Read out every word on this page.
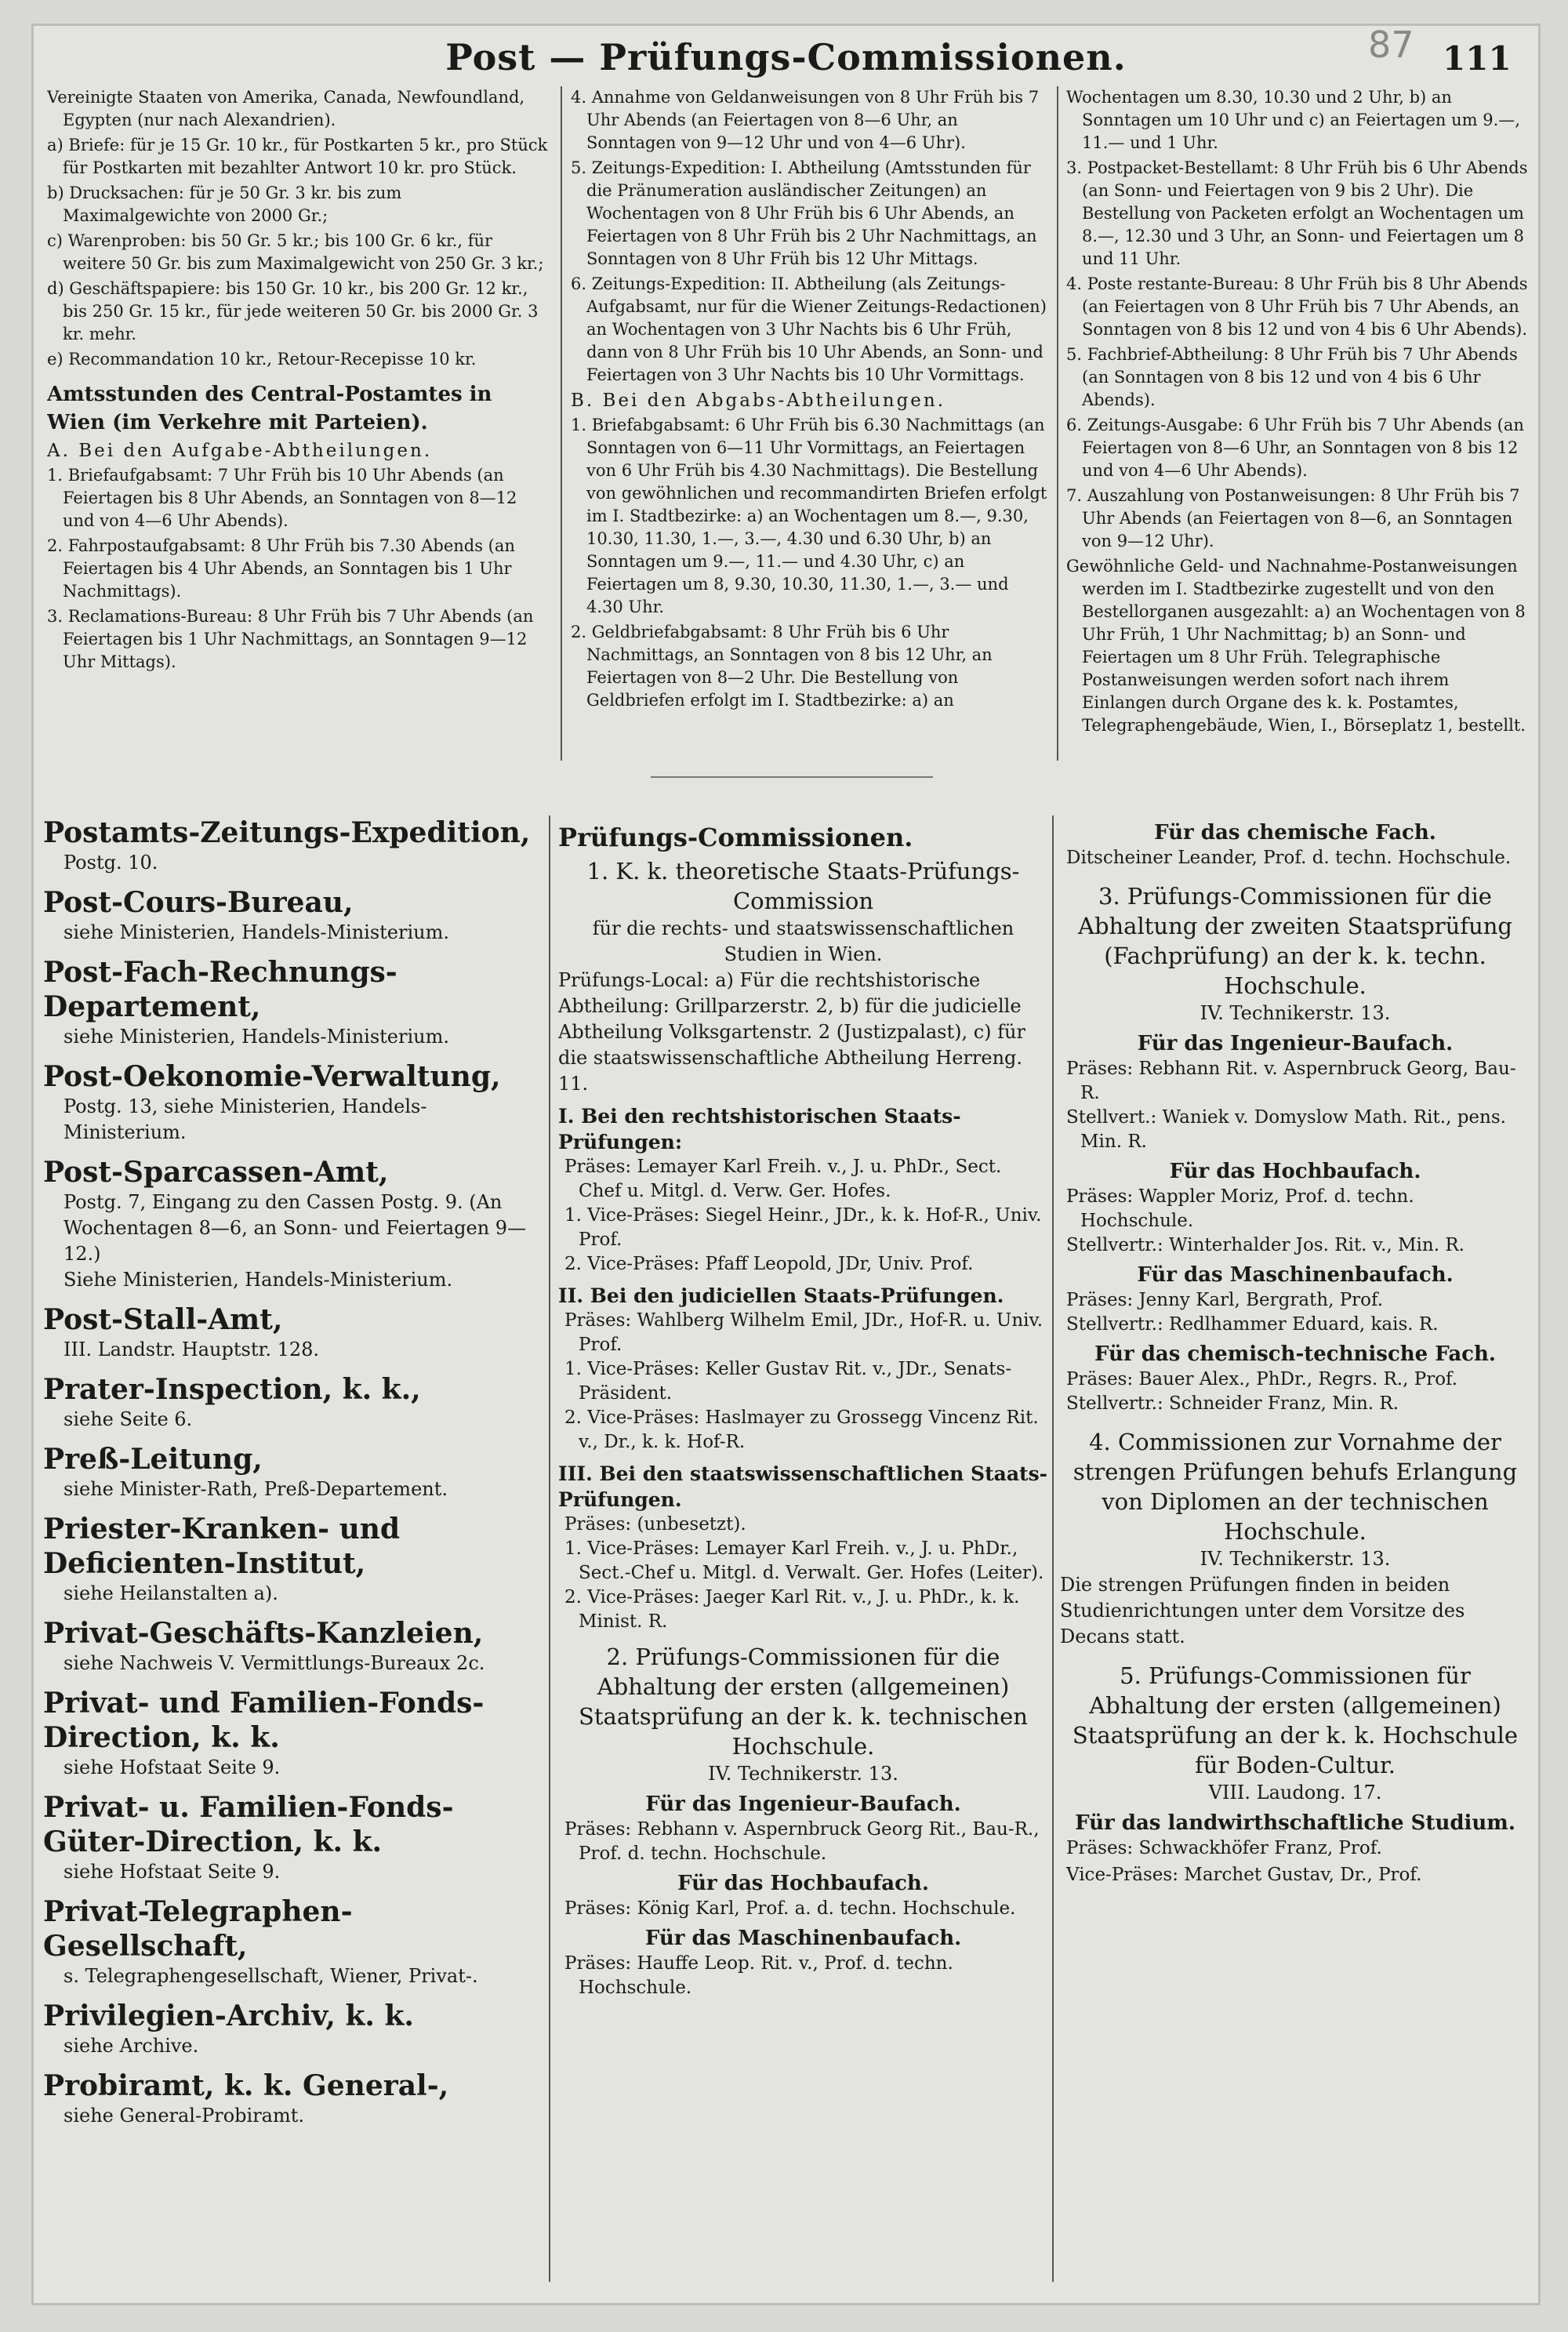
Post — Prüfungs-Commissionen.	87 111

Vereinigte Staaten von Amerika, Canada, Newfoundland, Egypten (nur nach Alexandrien).

a) Briefe: für je 15 Gr. 10 kr., für Postkarten 5 kr., pro Stück für Postkarten mit bezahlter Antwort 10 kr. pro Stück.

b) Drucksachen: für je 50 Gr. 3 kr. bis zum Maximalgewichte von 2000 Gr.;

c) Warenproben: bis 50 Gr. 5 kr.; bis 100 Gr. 6 kr., für weitere 50 Gr. bis zum Maximalgewicht von 250 Gr. 3 kr.;

d) Geschäftspapiere: bis 150 Gr. 10 kr., bis 200 Gr. 12 kr., bis 250 Gr. 15 kr., für jede weiteren 50 Gr. bis 2000 Gr. 3 kr. mehr.

e) Recommandation 10 kr., Retour-Recepisse 10 kr.

Amtsstunden des Central-Postamtes in Wien (im Verkehre mit Parteien).
A. Bei den Aufgabe-Abtheilungen.

1. Briefaufgabsamt: 7 Uhr Früh bis 10 Uhr Abends (an Feiertagen bis 8 Uhr Abends, an Sonntagen von 8—12 und von 4—6 Uhr Abends).

2. Fahrpostaufgabsamt: 8 Uhr Früh bis 7.30 Abends (an Feiertagen bis 4 Uhr Abends, an Sonntagen bis 1 Uhr Nachmittags).

3. Reclamations-Bureau: 8 Uhr Früh bis 7 Uhr Abends (an Feiertagen bis 1 Uhr Nachmittags, an Sonntagen 9—12 Uhr Mittags).

4. Annahme von Geldanweisungen von 8 Uhr Früh bis 7 Uhr Abends (an Feiertagen von 8—6 Uhr, an Sonntagen von 9—12 Uhr und von 4—6 Uhr).

5. Zeitungs-Expedition: I. Abtheilung (Amtsstunden für die Pränumeration ausländischer Zeitungen) an Wochentagen von 8 Uhr Früh bis 6 Uhr Abends, an Feiertagen von 8 Uhr Früh bis 2 Uhr Nachmittags, an Sonntagen von 8 Uhr Früh bis 12 Uhr Mittags.

6. Zeitungs-Expedition: II. Abtheilung (als Zeitungs-Aufgabsamt, nur für die Wiener Zeitungs-Redactionen) an Wochentagen von 3 Uhr Nachts bis 6 Uhr Früh, dann von 8 Uhr Früh bis 10 Uhr Abends, an Sonn- und Feiertagen von 3 Uhr Nachts bis 10 Uhr Vormittags.

B. Bei den Abgabs-Abtheilungen.

1. Briefabgabsamt: 6 Uhr Früh bis 6.30 Nachmittags (an Sonntagen von 6—11 Uhr Vormittags, an Feiertagen von 6 Uhr Früh bis 4.30 Nachmittags). Die Bestellung von gewöhnlichen und recommandirten Briefen erfolgt im I. Stadtbezirke: a) an Wochentagen um 8.—, 9.30, 10.30, 11.30, 1.—, 3.—, 4.30 und 6.30 Uhr, b) an Sonntagen um 9.—, 11.— und 4.30 Uhr, c) an Feiertagen um 8, 9.30, 10.30, 11.30, 1.—, 3.— und 4.30 Uhr.

2. Geldbriefabgabsamt: 8 Uhr Früh bis 6 Uhr Nachmittags, an Sonntagen von 8 bis 12 Uhr, an Feiertagen von 8—2 Uhr. Die Bestellung von Geldbriefen erfolgt im I. Stadtbezirke: a) an

Wochentagen um 8.30, 10.30 und 2 Uhr, b) an Sonntagen um 10 Uhr und c) an Feiertagen um 9.—, 11.— und 1 Uhr.

3. Postpacket-Bestellamt: 8 Uhr Früh bis 6 Uhr Abends (an Sonn- und Feiertagen von 9 bis 2 Uhr). Die Bestellung von Packeten erfolgt an Wochentagen um 8.—, 12.30 und 3 Uhr, an Sonn- und Feiertagen um 8 und 11 Uhr.

4. Poste restante-Bureau: 8 Uhr Früh bis 8 Uhr Abends (an Feiertagen von 8 Uhr Früh bis 7 Uhr Abends, an Sonntagen von 8 bis 12 und von 4 bis 6 Uhr Abends).

5. Fachbrief-Abtheilung: 8 Uhr Früh bis 7 Uhr Abends (an Sonntagen von 8 bis 12 und von 4 bis 6 Uhr Abends).

6. Zeitungs-Ausgabe: 6 Uhr Früh bis 7 Uhr Abends (an Feiertagen von 8—6 Uhr, an Sonntagen von 8 bis 12 und von 4—6 Uhr Abends).

7. Auszahlung von Postanweisungen: 8 Uhr Früh bis 7 Uhr Abends (an Feiertagen von 8—6, an Sonntagen von 9—12 Uhr).

Gewöhnliche Geld- und Nachnahme-Postanweisungen werden im I. Stadtbezirke zugestellt und von den Bestellorganen ausgezahlt: a) an Wochentagen von 8 Uhr Früh, 1 Uhr Nachmittag; b) an Sonn- und Feiertagen um 8 Uhr Früh. Telegraphische Postanweisungen werden sofort nach ihrem Einlangen durch Organe des k. k. Postamtes, Telegraphengebäude, Wien, I., Börseplatz 1, bestellt.

Postamts-Zeitungs-Expedition,
Postg. 10.
Post-Cours-Bureau,
siehe Ministerien, Handels-Ministerium.
Post-Fach-Rechnungs-Departement,
siehe Ministerien, Handels-Ministerium.
Post-Oekonomie-Verwaltung,
Postg. 13, siehe Ministerien, Handels-Ministerium.
Post-Sparcassen-Amt,
Postg. 7, Eingang zu den Cassen Postg. 9. (An Wochentagen 8—6, an Sonn- und Feiertagen 9—12.)
Siehe Ministerien, Handels-Ministerium.
Post-Stall-Amt,
III. Landstr. Hauptstr. 128.
Prater-Inspection, k. k.,
siehe Seite 6.
Preß-Leitung,
siehe Minister-Rath, Preß-Departement.
Priester-Kranken- und Deficienten-Institut,
siehe Heilanstalten a).
Privat-Geschäfts-Kanzleien,
siehe Nachweis V. Vermittlungs-Bureaux 2c.
Privat- und Familien-Fonds-Direction, k. k.
siehe Hofstaat Seite 9.
Privat- u. Familien-Fonds-Güter-Direction, k. k.
siehe Hofstaat Seite 9.
Privat-Telegraphen-Gesellschaft,
s. Telegraphengesellschaft, Wiener, Privat-.
Privilegien-Archiv, k. k.
siehe Archive.
Probiramt, k. k. General-,
siehe General-Probiramt.
Prüfungs-Commissionen.
1. K. k. theoretische Staats-Prüfungs-Commission
für die rechts- und staatswissenschaftlichen Studien in Wien.
Prüfungs-Local: a) Für die rechtshistorische Abtheilung: Grillparzerstr. 2, b) für die judicielle Abtheilung Volksgartenstr. 2 (Justizpalast), c) für die staatswissenschaftliche Abtheilung Herreng. 11.
I. Bei den rechtshistorischen Staats-Prüfungen:
Präses: Lemayer Karl Freih. v., J. u. PhDr., Sect. Chef u. Mitgl. d. Verw. Ger. Hofes.
1. Vice-Präses: Siegel Heinr., JDr., k. k. Hof-R., Univ. Prof.
2. Vice-Präses: Pfaff Leopold, JDr, Univ. Prof.
II. Bei den judiciellen Staats-Prüfungen.
Präses: Wahlberg Wilhelm Emil, JDr., Hof-R. u. Univ. Prof.
1. Vice-Präses: Keller Gustav Rit. v., JDr., Senats-Präsident.
2. Vice-Präses: Haslmayer zu Grossegg Vincenz Rit. v., Dr., k. k. Hof-R.
III. Bei den staatswissenschaftlichen Staats-Prüfungen.
Präses: (unbesetzt).
1. Vice-Präses: Lemayer Karl Freih. v., J. u. PhDr., Sect.-Chef u. Mitgl. d. Verwalt. Ger. Hofes (Leiter).
2. Vice-Präses: Jaeger Karl Rit. v., J. u. PhDr., k. k. Minist. R.
2. Prüfungs-Commissionen für die Abhaltung der ersten (allgemeinen) Staatsprüfung an der k. k. technischen Hochschule.
IV. Technikerstr. 13.
Für das Ingenieur-Baufach.
Präses: Rebhann v. Aspernbruck Georg Rit., Bau-R., Prof. d. techn. Hochschule.
Für das Hochbaufach.
Präses: König Karl, Prof. a. d. techn. Hochschule.
Für das Maschinenbaufach.
Präses: Hauffe Leop. Rit. v., Prof. d. techn. Hochschule.
Für das chemische Fach.

Ditscheiner Leander, Prof. d. techn. Hochschule.

3. Prüfungs-Commissionen für die Abhaltung der zweiten Staatsprüfung (Fachprüfung) an der k. k. techn. Hochschule.
IV. Technikerstr. 13.
Für das Ingenieur-Baufach.
Präses: Rebhann Rit. v. Aspernbruck Georg, Bau-R.
Stellvert.: Waniek v. Domyslow Math. Rit., pens. Min. R.
Für das Hochbaufach.
Präses: Wappler Moriz, Prof. d. techn. Hochschule.
Stellvertr.: Winterhalder Jos. Rit. v., Min. R.
Für das Maschinenbaufach.
Präses: Jenny Karl, Bergrath, Prof.
Stellvertr.: Redlhammer Eduard, kais. R.
Für das chemisch-technische Fach.
Präses: Bauer Alex., PhDr., Regrs. R., Prof.
Stellvertr.: Schneider Franz, Min. R.
4. Commissionen zur Vornahme der strengen Prüfungen behufs Erlangung von Diplomen an der technischen Hochschule.
IV. Technikerstr. 13.
Die strengen Prüfungen finden in beiden Studienrichtungen unter dem Vorsitze des Decans statt.
5. Prüfungs-Commissionen für Abhaltung der ersten (allgemeinen) Staatsprüfung an der k. k. Hochschule für Boden-Cultur.
VIII. Laudong. 17.
Für das landwirthschaftliche Studium.

Präses: Schwackhöfer Franz, Prof.

Vice-Präses: Marchet Gustav, Dr., Prof.
